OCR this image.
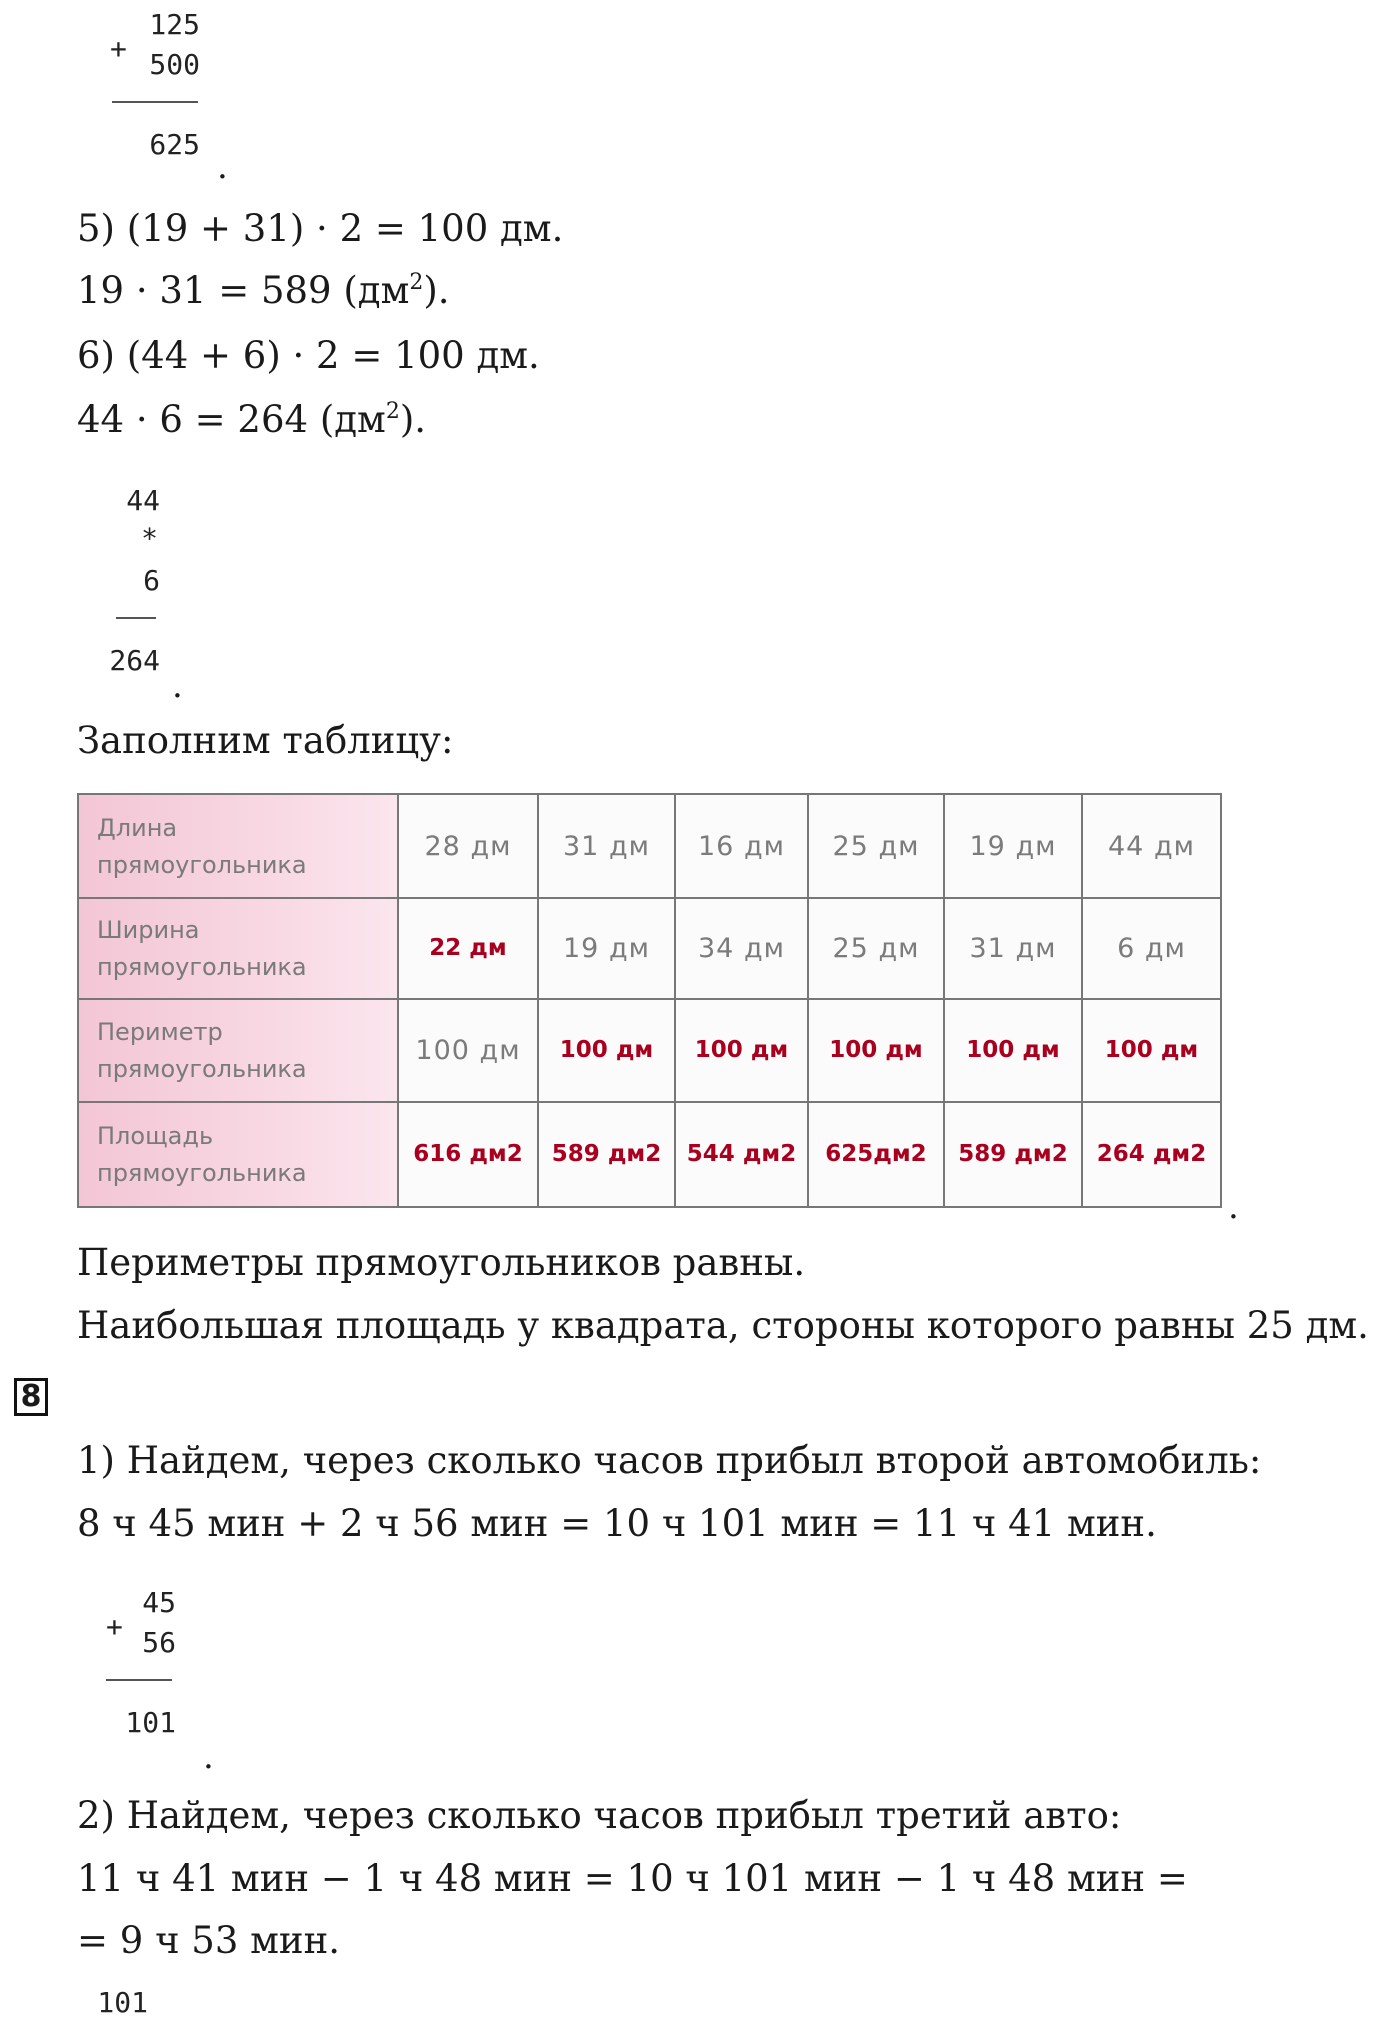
+
125
500
625
.
5) (19 + 31) · 2 = 100 дм.
19 · 31 = 589 $(дм^2)$.
6) (44 + 6) · 2 = 100 дм.
44 · 6 = 264 $(дм^2)$.
44
*
6
264
.
Заполним таблицу:
Длина
прямоугольника	28 дм	31 дм	16 дм	25 дм	19 дм	44 дм
Ширина
прямоугольника	22 дм	19 дм	34 дм	25 дм	31 дм	6 дм
Периметр
прямоугольника	100 дм	100 дм	100 дм	100 дм	100 дм	100 дм
Площадь
прямоугольника	616 дм2	589 дм2	544 дм2	625дм2	589 дм2	264 дм2
.
Периметры прямоугольников равны.
Наибольшая площадь у квадрата, стороны которого равны 25 дм.
8
1) Найдем, через сколько часов прибыл второй автомобиль:
8 ч 45 мин + 2 ч 56 мин = 10 ч 101 мин = 11 ч 41 мин.
+
45
56
101
.
2) Найдем, через сколько часов прибыл третий авто:
11 ч 41 мин − 1 ч 48 мин = 10 ч 101 мин − 1 ч 48 мин =
= 9 ч 53 мин.
101
